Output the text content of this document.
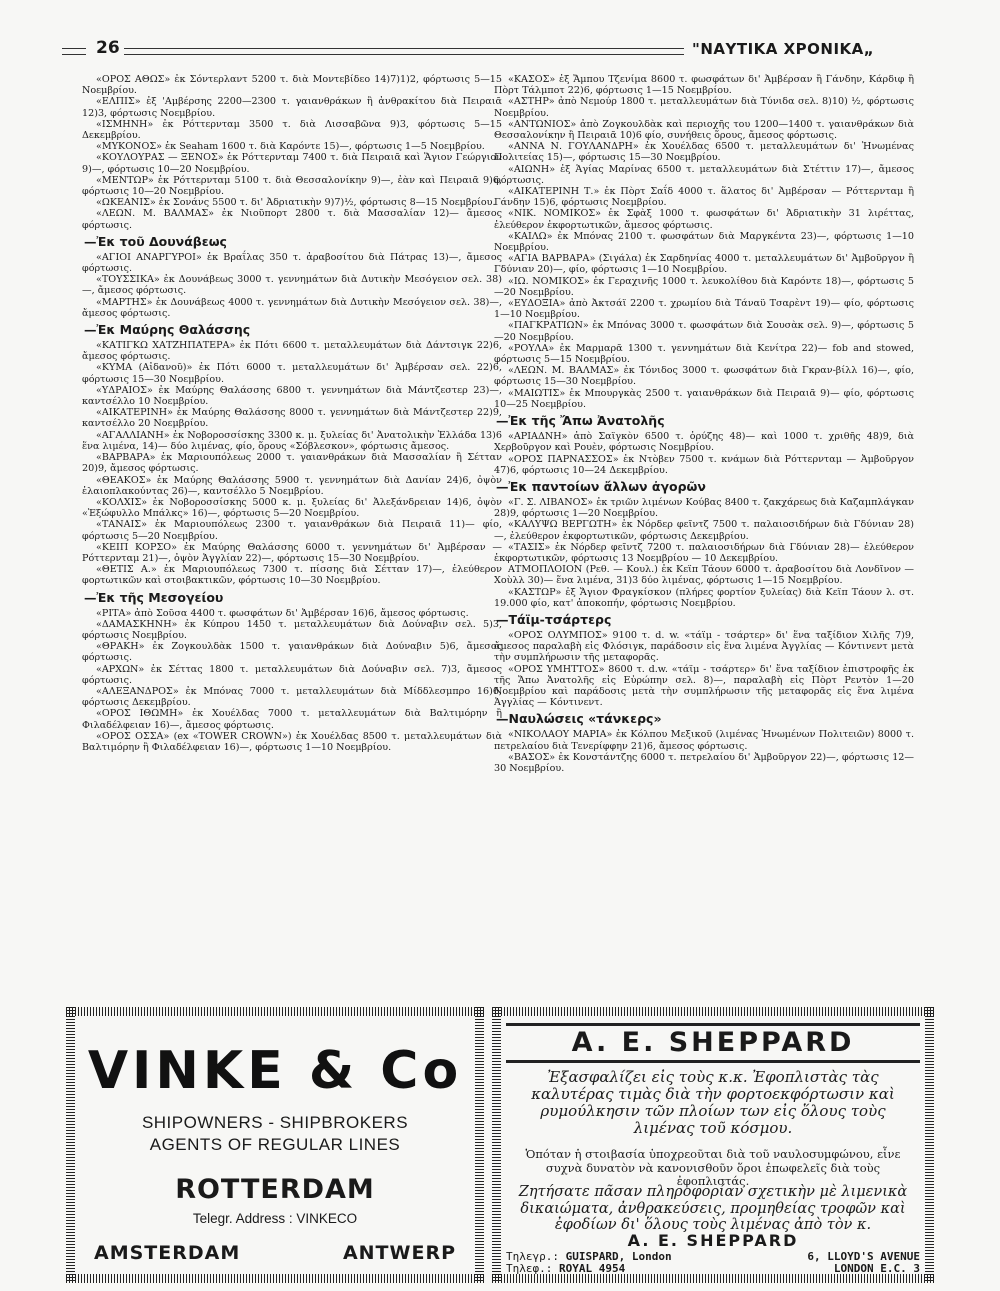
26	"ΝΑΥΤΙΚΑ ΧΡΟΝΙΚΑ„

«ΟΡΟΣ ΑΘΩΣ» ἐκ Σόντερλαντ 5200 τ. διὰ Μοντεβίδεο 14)7)1)2, φόρτωσις 5—15 Νοεμβρίου.

«ΕΛΠΙΣ» ἐξ 'Αμβέρσης 2200—2300 τ. γαιανθράκων ἢ ἀνθρακίτου διὰ Πειραιᾶ 12)3, φόρτωσις Νοεμβρίου.

«ΙΣΜΗΝΗ» ἐκ Ρόττερνταμ 3500 τ. διὰ Λισσαβῶνα 9)3, φόρτωσις 5—15 Δεκεμβρίου.

«ΜΥΚΟΝΟΣ» ἐκ Seaham 1600 τ. διὰ Καρόντε 15)—, φόρτωσις 1—5 Νοεμβρίου.

«ΚΟΥΛΟΥΡΑΣ — ΞΕΝΟΣ» ἐκ Ρόττερνταμ 7400 τ. διὰ Πειραιᾶ καὶ Ἅγιον Γεώργιον 9)—, φόρτωσις 10—20 Νοεμβρίου.

«ΜΕΝΤΩΡ» ἐκ Ρόττερνταμ 5100 τ. διὰ Θεσσαλονίκην 9)—, ἐὰν καὶ Πειραιᾶ 9)6, φόρτωσις 10—20 Νοεμβρίου.

«ΩΚΕΑΝΙΣ» ἐκ Σονάνς 5500 τ. δι' Ἀδριατικὴν 9)7)½, φόρτωσις 8—15 Νοεμβρίου.

«ΛΕΩΝ. Μ. ΒΑΛΜΑΣ» ἐκ Νιοῦπορτ 2800 τ. διὰ Μασσαλίαν 12)— ἄμεσος φόρτωσις.

—Ἐκ τοῦ Δουνάβεως

«ΑΓΙΟΙ ΑΝΑΡΓΥΡΟΙ» ἐκ Βραΐλας 350 τ. ἀραβοσίτου διὰ Πάτρας 13)—, ἄμεσος φόρτωσις.

«ΤΟΥΣΣΙΚΑ» ἐκ Δουνάβεως 3000 τ. γεννημάτων διὰ Δυτικὴν Μεσόγειον σελ. 38)—, ἄμεσος φόρτωσις.

«ΜΑΡΤΗΣ» ἐκ Δουνάβεως 4000 τ. γεννημάτων διὰ Δυτικὴν Μεσόγειον σελ. 38)—, ἄμεσος φόρτωσις.

—Ἐκ Μαύρης Θαλάσσης

«ΚΑΤΙΓΚΩ ΧΑΤΖΗΠΑΤΕΡΑ» ἐκ Πότι 6600 τ. μεταλλευμάτων διὰ Δάντσιγκ 22)6, ἄμεσος φόρτωσις.

«ΚΥΜΑ (Αἰδανοῦ)» ἐκ Πότι 6000 τ. μεταλλευμάτων δι' Ἀμβέρσαν σελ. 22)6, φόρτωσις 15—30 Νοεμβρίου.

«ΥΔΡΑΙΟΣ» ἐκ Μαύρης Θαλάσσης 6800 τ. γεννημάτων διὰ Μάντζεστερ 23)—, καντσέλλο 10 Νοεμβρίου.

«ΑΙΚΑΤΕΡΙΝΗ» ἐκ Μαύρης Θαλάσσης 8000 τ. γεννημάτων διὰ Μάντζεστερ 22)9, καντσέλλο 20 Νοεμβρίου.

«ΑΓΑΛΛΙΑΝΗ» ἐκ Νοβοροσσίσκης 3300 κ. μ. ξυλείας δι' Ἀνατολικὴν Ἑλλάδα 13)6 ἕνα λιμένα, 14)— δύο λιμένας, φίο, ὅρους «Σόβλεσκον», φόρτωσις ἄμεσος.

«ΒΑΡΒΑΡΑ» ἐκ Μαριουπόλεως 2000 τ. γαιανθράκων διὰ Μασσαλίαν ἢ Σέτταν 20)9, ἄμεσος φόρτωσις.

«ΘΕΑΚΟΣ» ἐκ Μαύρης Θαλάσσης 5900 τ. γεννημάτων διὰ Δανίαν 24)6, ὀψὸν ἐλαιοπλακούντας 26)—, καντσέλλο 5 Νοεμβρίου.

«ΚΟΛΧΙΣ» ἐκ Νοβοροσσίσκης 5000 κ. μ. ξυλείας δι' Ἀλεξάνδρειαν 14)6, ὀψὸν «Ἐξώφυλλο Μπάλκς» 16)—, φόρτωσις 5—20 Νοεμβρίου.

«ΤΑΝΑΙΣ» ἐκ Μαριουπόλεως 2300 τ. γαιανθράκων διὰ Πειραιᾶ 11)— φίο, φόρτωσις 5—20 Νοεμβρίου.

«ΚΕΙΠ ΚΟΡΣΟ» ἐκ Μαύρης Θαλάσσης 6000 τ. γεννημάτων δι' Ἀμβέρσαν — Ρόττερνταμ 21)—, ὀψὸν Ἀγγλίαν 22)—, φόρτωσις 15—30 Νοεμβρίου.

«ΘΕΤΙΣ Α.» ἐκ Μαριουπόλεως 7300 τ. πίσσης διὰ Σέτταν 17)—, ἐλεύθερον φορτωτικῶν καὶ στοιβακτικῶν, φόρτωσις 10—30 Νοεμβρίου.

—Ἐκ τῆς Μεσογείου

«ΡΙΤΑ» ἀπὸ Σοῦσα 4400 τ. φωσφάτων δι' Ἀμβέρσαν 16)6, ἄμεσος φόρτωσις.

«ΔΑΜΑΣΚΗΝΗ» ἐκ Κύπρου 1450 τ. μεταλλευμάτων διὰ Δούναβιν σελ. 5)3, φόρτωσις Νοεμβρίου.

«ΘΡΑΚΗ» ἐκ Ζογκουλδὰκ 1500 τ. γαιανθράκων διὰ Δούναβιν 5)6, ἄμεσος φόρτωσις.

«ΑΡΧΩΝ» ἐκ Σέττας 1800 τ. μεταλλευμάτων διὰ Δούναβιν σελ. 7)3, ἄμεσος φόρτωσις.

«ΑΛΕΞΑΝΔΡΟΣ» ἐκ Μπόνας 7000 τ. μεταλλευμάτων διὰ Μίδδλεσμπρο 16)6, φόρτωσις Δεκεμβρίου.

«ΟΡΟΣ ΙΘΩΜΗ» ἐκ Χουέλδας 7000 τ. μεταλλευμάτων διὰ Βαλτιμόρην ἢ Φιλαδέλφειαν 16)—, ἄμεσος φόρτωσις.

«ΟΡΟΣ ΟΣΣΑ» (ex «TOWER CROWN») ἐκ Χουέλδας 8500 τ. μεταλλευμάτων διὰ Βαλτιμόρην ἢ Φιλαδέλφειαν 16)—, φόρτωσις 1—10 Νοεμβρίου.

«ΚΑΣΟΣ» ἐξ Ἄμπου Τζενίμα 8600 τ. φωσφάτων δι' Ἀμβέρσαν ἢ Γάνδην, Κάρδιφ ἢ Πὸρτ Τάλμποτ 22)6, φόρτωσις 1—15 Νοεμβρίου.

«ΑΣΤΗΡ» ἀπὸ Νεμούρ 1800 τ. μεταλλευμάτων διὰ Τύνιδα σελ. 8)10) ½, φόρτωσις Νοεμβρίου.

«ΑΝΤΩΝΙΟΣ» ἀπὸ Ζογκουλδὰκ καὶ περιοχῆς του 1200—1400 τ. γαιανθράκων διὰ Θεσσαλονίκην ἢ Πειραιᾶ 10)6 φίο, συνήθεις ὅρους, ἄμεσος φόρτωσις.

«ΑΝΝΑ Ν. ΓΟΥΛΑΝΔΡΗ» ἐκ Χουέλδας 6500 τ. μεταλλευμάτων δι' Ἡνωμένας Πολιτείας 15)—, φόρτωσις 15—30 Νοεμβρίου.

«ΑΙΩΝΗ» ἐξ Ἁγίας Μαρίνας 6500 τ. μεταλλευμάτων διὰ Στέττιν 17)—, ἄμεσος φόρτωσις.

«ΑΙΚΑΤΕΡΙΝΗ Τ.» ἐκ Πὸρτ Σαΐδ 4000 τ. ἅλατος δι' Ἀμβέρσαν — Ρόττερνταμ ἢ Γάνδην 15)6, φόρτωσις Νοεμβρίου.

«ΝΙΚ. ΝΟΜΙΚΟΣ» ἐκ Σφὰξ 1000 τ. φωσφάτων δι' Ἀδριατικὴν 31 λιρέττας, ἐλεύθερον ἐκφορτωτικῶν, ἄμεσος φόρτωσις.

«ΚΑΙΛΩ» ἐκ Μπόνας 2100 τ. φωσφάτων διὰ Μαργκέντα 23)—, φόρτωσις 1—10 Νοεμβρίου.

«ΑΓΙΑ ΒΑΡΒΑΡΑ» (Σιγάλα) ἐκ Σαρδηνίας 4000 τ. μεταλλευμάτων δι' Ἀμβοῦργον ἢ Γδύνιαν 20)—, φίο, φόρτωσις 1—10 Νοεμβρίου.

«ΙΩ. ΝΟΜΙΚΟΣ» ἐκ Γεραχινῆς 1000 τ. λευκολίθου διὰ Καρόντε 18)—, φόρτωσις 5—20 Νοεμβρίου.

«ΕΥΔΟΞΙΑ» ἀπὸ Ἀκτσάϊ 2200 τ. χρωμίου διὰ Τάναϋ Τσαρὲντ 19)— φίο, φόρτωσις 1—10 Νοεμβρίου.

«ΠΑΓΚΡΑΤΙΩΝ» ἐκ Μπόνας 3000 τ. φωσφάτων διὰ Σουσὰκ σελ. 9)—, φόρτωσις 5—20 Νοεμβρίου.

«ΡΟΥΛΑ» ἐκ Μαρμαρᾶ 1300 τ. γεννημάτων διὰ Κενίτρα 22)— fob and stowed, φόρτωσις 5—15 Νοεμβρίου.

«ΛΕΩΝ. Μ. ΒΑΛΜΑΣ» ἐκ Τόνιδος 3000 τ. φωσφάτων διὰ Γκραν-βίλλ 16)—, φίο, φόρτωσις 15—30 Νοεμβρίου.

«ΜΑΙΩΤΙΣ» ἐκ Μπουργκὰς 2500 τ. γαιανθράκων διὰ Πειραιᾶ 9)— φίο, φόρτωσις 10—25 Νοεμβρίου.

—Ἐκ τῆς Ἄπω Ἀνατολῆς

«ΑΡΙΑΔΝΗ» ἀπὸ Σαϊγκὸν 6500 τ. ὀρύζης 48)— καὶ 1000 τ. χριθῆς 48)9, διὰ Χερβοῦργον καὶ Ρουὲν, φόρτωσις Νοεμβρίου.

«ΟΡΟΣ ΠΑΡΝΑΣΣΟΣ» ἐκ Ντὸβεν 7500 τ. κνάμων διὰ Ρόττερνταμ — Ἀμβοῦργον 47)6, φόρτωσις 10—24 Δεκεμβρίου.

—Ἐκ παντοίων ἄλλων ἀγορῶν

«Γ. Σ. ΛΙΒΑΝΟΣ» ἐκ τριῶν λιμένων Κούβας 8400 τ. ζακχάρεως διὰ Καζαμπλάγκαν 28)9, φόρτωσις 1—20 Νοεμβρίου.

«ΚΑΛΥΨΩ ΒΕΡΓΩΤΗ» ἐκ Νόρδερ φεῖντζ 7500 τ. παλαιοσιδήρων διὰ Γδύνιαν 28)—, ἐλεύθερον ἐκφορτωτικῶν, φόρτωσις Δεκεμβρίου.

«ΤΑΣΙΣ» ἐκ Νόρδερ φεῖντζ 7200 τ. παλαιοσιδήρων διὰ Γδύνιαν 28)— ἐλεύθερον ἐκφορτωτικῶν, φόρτωσις 13 Νοεμβρίου — 10 Δεκεμβρίου.

ΑΤΜΟΠΛΟΙΟΝ (Ρεθ. — Κουλ.) ἐκ Κεϊπ Τάουν 6000 τ. ἀραβοσίτου διὰ Λονδῖνον — Χοὺλλ 30)— ἕνα λιμένα, 31)3 δύο λιμένας, φόρτωσις 1—15 Νοεμβρίου.

«ΚΑΣΤΩΡ» ἐξ Ἄγιον Φραγκίσκον (πλήρες φορτίον ξυλείας) διὰ Κεϊπ Τάουν λ. στ. 19.000 φίο, κατ' ἀποκοπήν, φόρτωσις Νοεμβρίου.

—Τάϊμ-τσάρτερς

«ΟΡΟΣ ΟΛΥΜΠΟΣ» 9100 τ. d. w. «τάϊμ - τσάρτερ» δι' ἕνα ταξίδιον Χιλῆς 7)9, ἄμεσος παραλαβὴ εἰς Φλόσιγκ, παράδοσιν εἰς ἕνα λιμένα Ἀγγλίας — Κόντινεντ μετὰ τὴν συμπλήρωσιν τῆς μεταφορᾶς.

«ΟΡΟΣ ΥΜΗΤΤΟΣ» 8600 τ. d.w. «τάϊμ - τσάρτερ» δι' ἕνα ταξίδιον ἐπιστροφῆς ἐκ τῆς Ἄπω Ἀνατολῆς εἰς Εὐρώπην σελ. 8)—, παραλαβὴ εἰς Πὸρτ Ρεντὸν 1—20 Νοεμβρίου καὶ παράδοσις μετὰ τὴν συμπλήρωσιν τῆς μεταφορᾶς εἰς ἕνα λιμένα Ἀγγλίας — Κόντινεντ.

—Ναυλώσεις «τάνκερς»

«ΝΙΚΟΛΑΟΥ ΜΑΡΙΑ» ἐκ Κόλπου Μεξικοῦ (λιμένας Ἡνωμένων Πολιτειῶν) 8000 τ. πετρελαίου διὰ Τενερίφφην 21)6, ἄμεσος φόρτωσις.

«ΒΑΣΟΣ» ἐκ Κονστάντζης 6000 τ. πετρελαίου δι' Ἀμβοῦργον 22)—, φόρτωσις 12—30 Νοεμβρίου.

VINKE & Co
SHIPOWNERS - SHIPBROKERS
AGENTS OF REGULAR LINES
ROTTERDAM
Telegr. Address : VINKECO
AMSTERDAM	ANTWERP
A. E. SHEPPARD
Ἐξασφαλίζει εἰς τοὺς κ.κ. Ἐφοπλιστὰς τὰς καλυτέρας τιμὰς διὰ τὴν φορτοεκφόρτωσιν καὶ ρυμούλκησιν τῶν πλοίων των εἰς ὅλους τοὺς λιμένας τοῦ κόσμου.
Ὁπόταν ἡ στοιβασία ὑποχρεοῦται διὰ τοῦ ναυλοσυμφώνου, εἶνε συχνὰ δυνατὸν νὰ κανονισθοῦν ὅροι ἐπωφελεῖς διὰ τοὺς ἐφοπλιστάς.
Ζητήσατε πᾶσαν πληροφορίαν σχετικὴν μὲ λιμενικὰ δικαιώματα, ἀνθρακεύσεις, προμηθείας τροφῶν καὶ ἐφοδίων δι' ὅλους τοὺς λιμένας ἀπὸ τὸν κ.
A. E. SHEPPARD
Τηλεγρ.: GUISPARD, London
Τηλεφ.: ROYAL 4954
6, LLOYD'S AVENUE
LONDON E.C. 3
